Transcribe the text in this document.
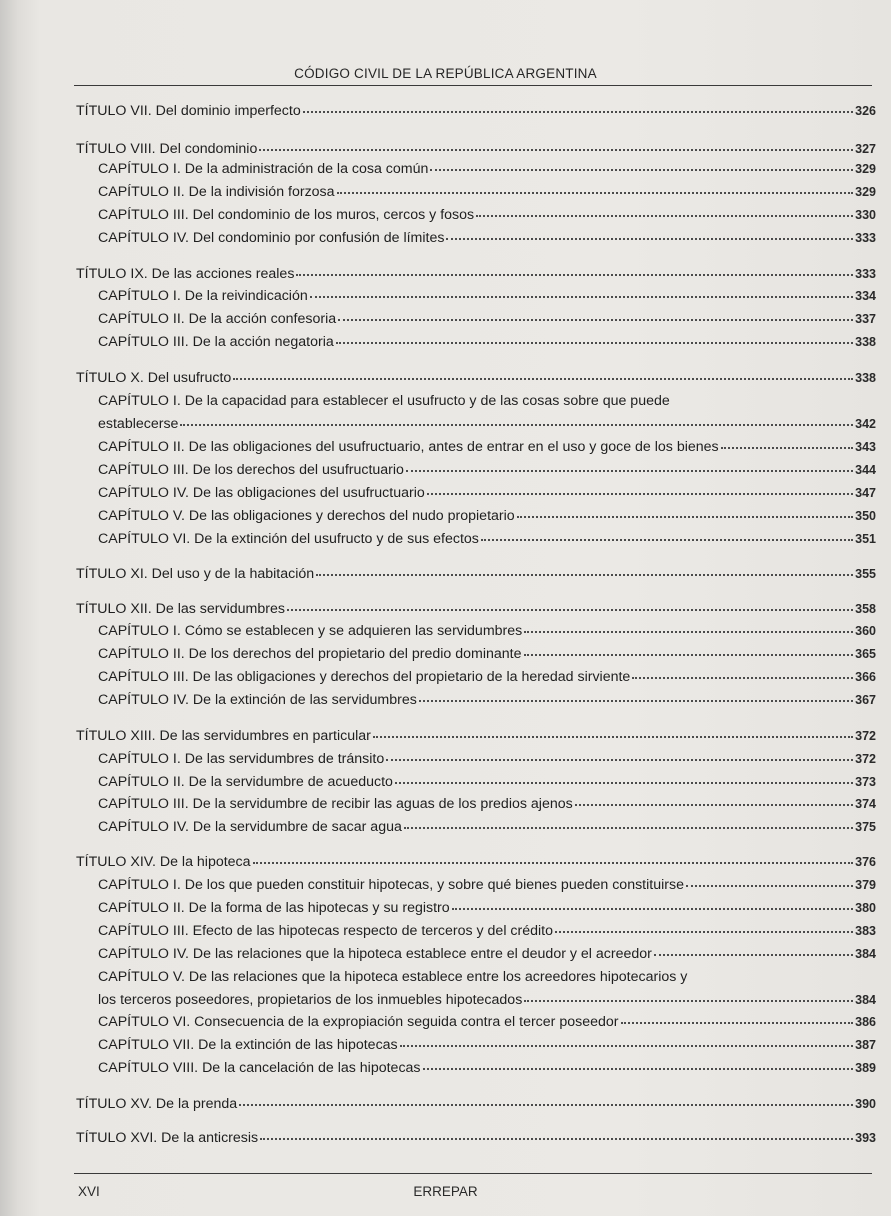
CÓDIGO CIVIL DE LA REPÚBLICA ARGENTINA
TÍTULO VII. Del dominio imperfecto	326
TÍTULO VIII. Del condominio	327
CAPÍTULO I. De la administración de la cosa común	329
CAPÍTULO II. De la indivisión forzosa	329
CAPÍTULO III. Del condominio de los muros, cercos y fosos	330
CAPÍTULO IV. Del condominio por confusión de límites	333
TÍTULO IX. De las acciones reales	333
CAPÍTULO I. De la reivindicación	334
CAPÍTULO II. De la acción confesoria	337
CAPÍTULO III. De la acción negatoria	338
TÍTULO X. Del usufructo	338
CAPÍTULO I. De la capacidad para establecer el usufructo y de las cosas sobre que puede
establecerse	342
CAPÍTULO II. De las obligaciones del usufructuario, antes de entrar en el uso y goce de los bienes	343
CAPÍTULO III. De los derechos del usufructuario	344
CAPÍTULO IV. De las obligaciones del usufructuario	347
CAPÍTULO V. De las obligaciones y derechos del nudo propietario	350
CAPÍTULO VI. De la extinción del usufructo y de sus efectos	351
TÍTULO XI. Del uso y de la habitación	355
TÍTULO XII. De las servidumbres	358
CAPÍTULO I. Cómo se establecen y se adquieren las servidumbres	360
CAPÍTULO II. De los derechos del propietario del predio dominante	365
CAPÍTULO III. De las obligaciones y derechos del propietario de la heredad sirviente	366
CAPÍTULO IV. De la extinción de las servidumbres	367
TÍTULO XIII. De las servidumbres en particular	372
CAPÍTULO I. De las servidumbres de tránsito	372
CAPÍTULO II. De la servidumbre de acueducto	373
CAPÍTULO III. De la servidumbre de recibir las aguas de los predios ajenos	374
CAPÍTULO IV. De la servidumbre de sacar agua	375
TÍTULO XIV. De la hipoteca	376
CAPÍTULO I. De los que pueden constituir hipotecas, y sobre qué bienes pueden constituirse	379
CAPÍTULO II. De la forma de las hipotecas y su registro	380
CAPÍTULO III. Efecto de las hipotecas respecto de terceros y del crédito	383
CAPÍTULO IV. De las relaciones que la hipoteca establece entre el deudor y el acreedor	384
CAPÍTULO V. De las relaciones que la hipoteca establece entre los acreedores hipotecarios y
los terceros poseedores, propietarios de los inmuebles hipotecados	384
CAPÍTULO VI. Consecuencia de la expropiación seguida contra el tercer poseedor	386
CAPÍTULO VII. De la extinción de las hipotecas	387
CAPÍTULO VIII. De la cancelación de las hipotecas	389
TÍTULO XV. De la prenda	390
TÍTULO XVI. De la anticresis	393
XVI	ERREPAR
